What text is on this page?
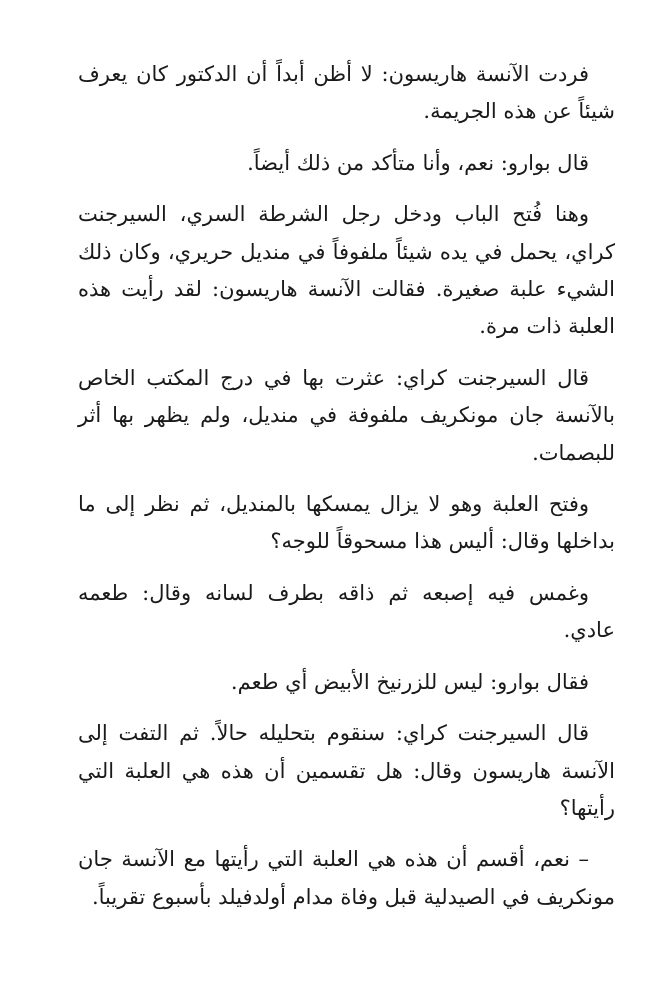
فردت الآنسة هاريسون: لا أظن أبداً أن الدكتور كان يعرف شيئاً عن هذه الجريمة.

قال بوارو: نعم، وأنا متأكد من ذلك أيضاً.

وهنا فُتح الباب ودخل رجل الشرطة السري، السيرجنت كراي، يحمل في يده شيئاً ملفوفاً في منديل حريري، وكان ذلك الشيء علبة صغيرة. فقالت الآنسة هاريسون: لقد رأيت هذه العلبة ذات مرة.

قال السيرجنت كراي: عثرت بها في درج المكتب الخاص بالآنسة جان مونكريف ملفوفة في منديل، ولم يظهر بها أثر للبصمات.

وفتح العلبة وهو لا يزال يمسكها بالمنديل، ثم نظر إلى ما بداخلها وقال: أليس هذا مسحوقاً للوجه؟

وغمس فيه إصبعه ثم ذاقه بطرف لسانه وقال: طعمه عادي.

فقال بوارو: ليس للزرنيخ الأبيض أي طعم.

قال السيرجنت كراي: سنقوم بتحليله حالاً. ثم التفت إلى الآنسة هاريسون وقال: هل تقسمين أن هذه هي العلبة التي رأيتها؟

– نعم، أقسم أن هذه هي العلبة التي رأيتها مع الآنسة جان مونكريف في الصيدلية قبل وفاة مدام أولدفيلد بأسبوع تقريباً.
